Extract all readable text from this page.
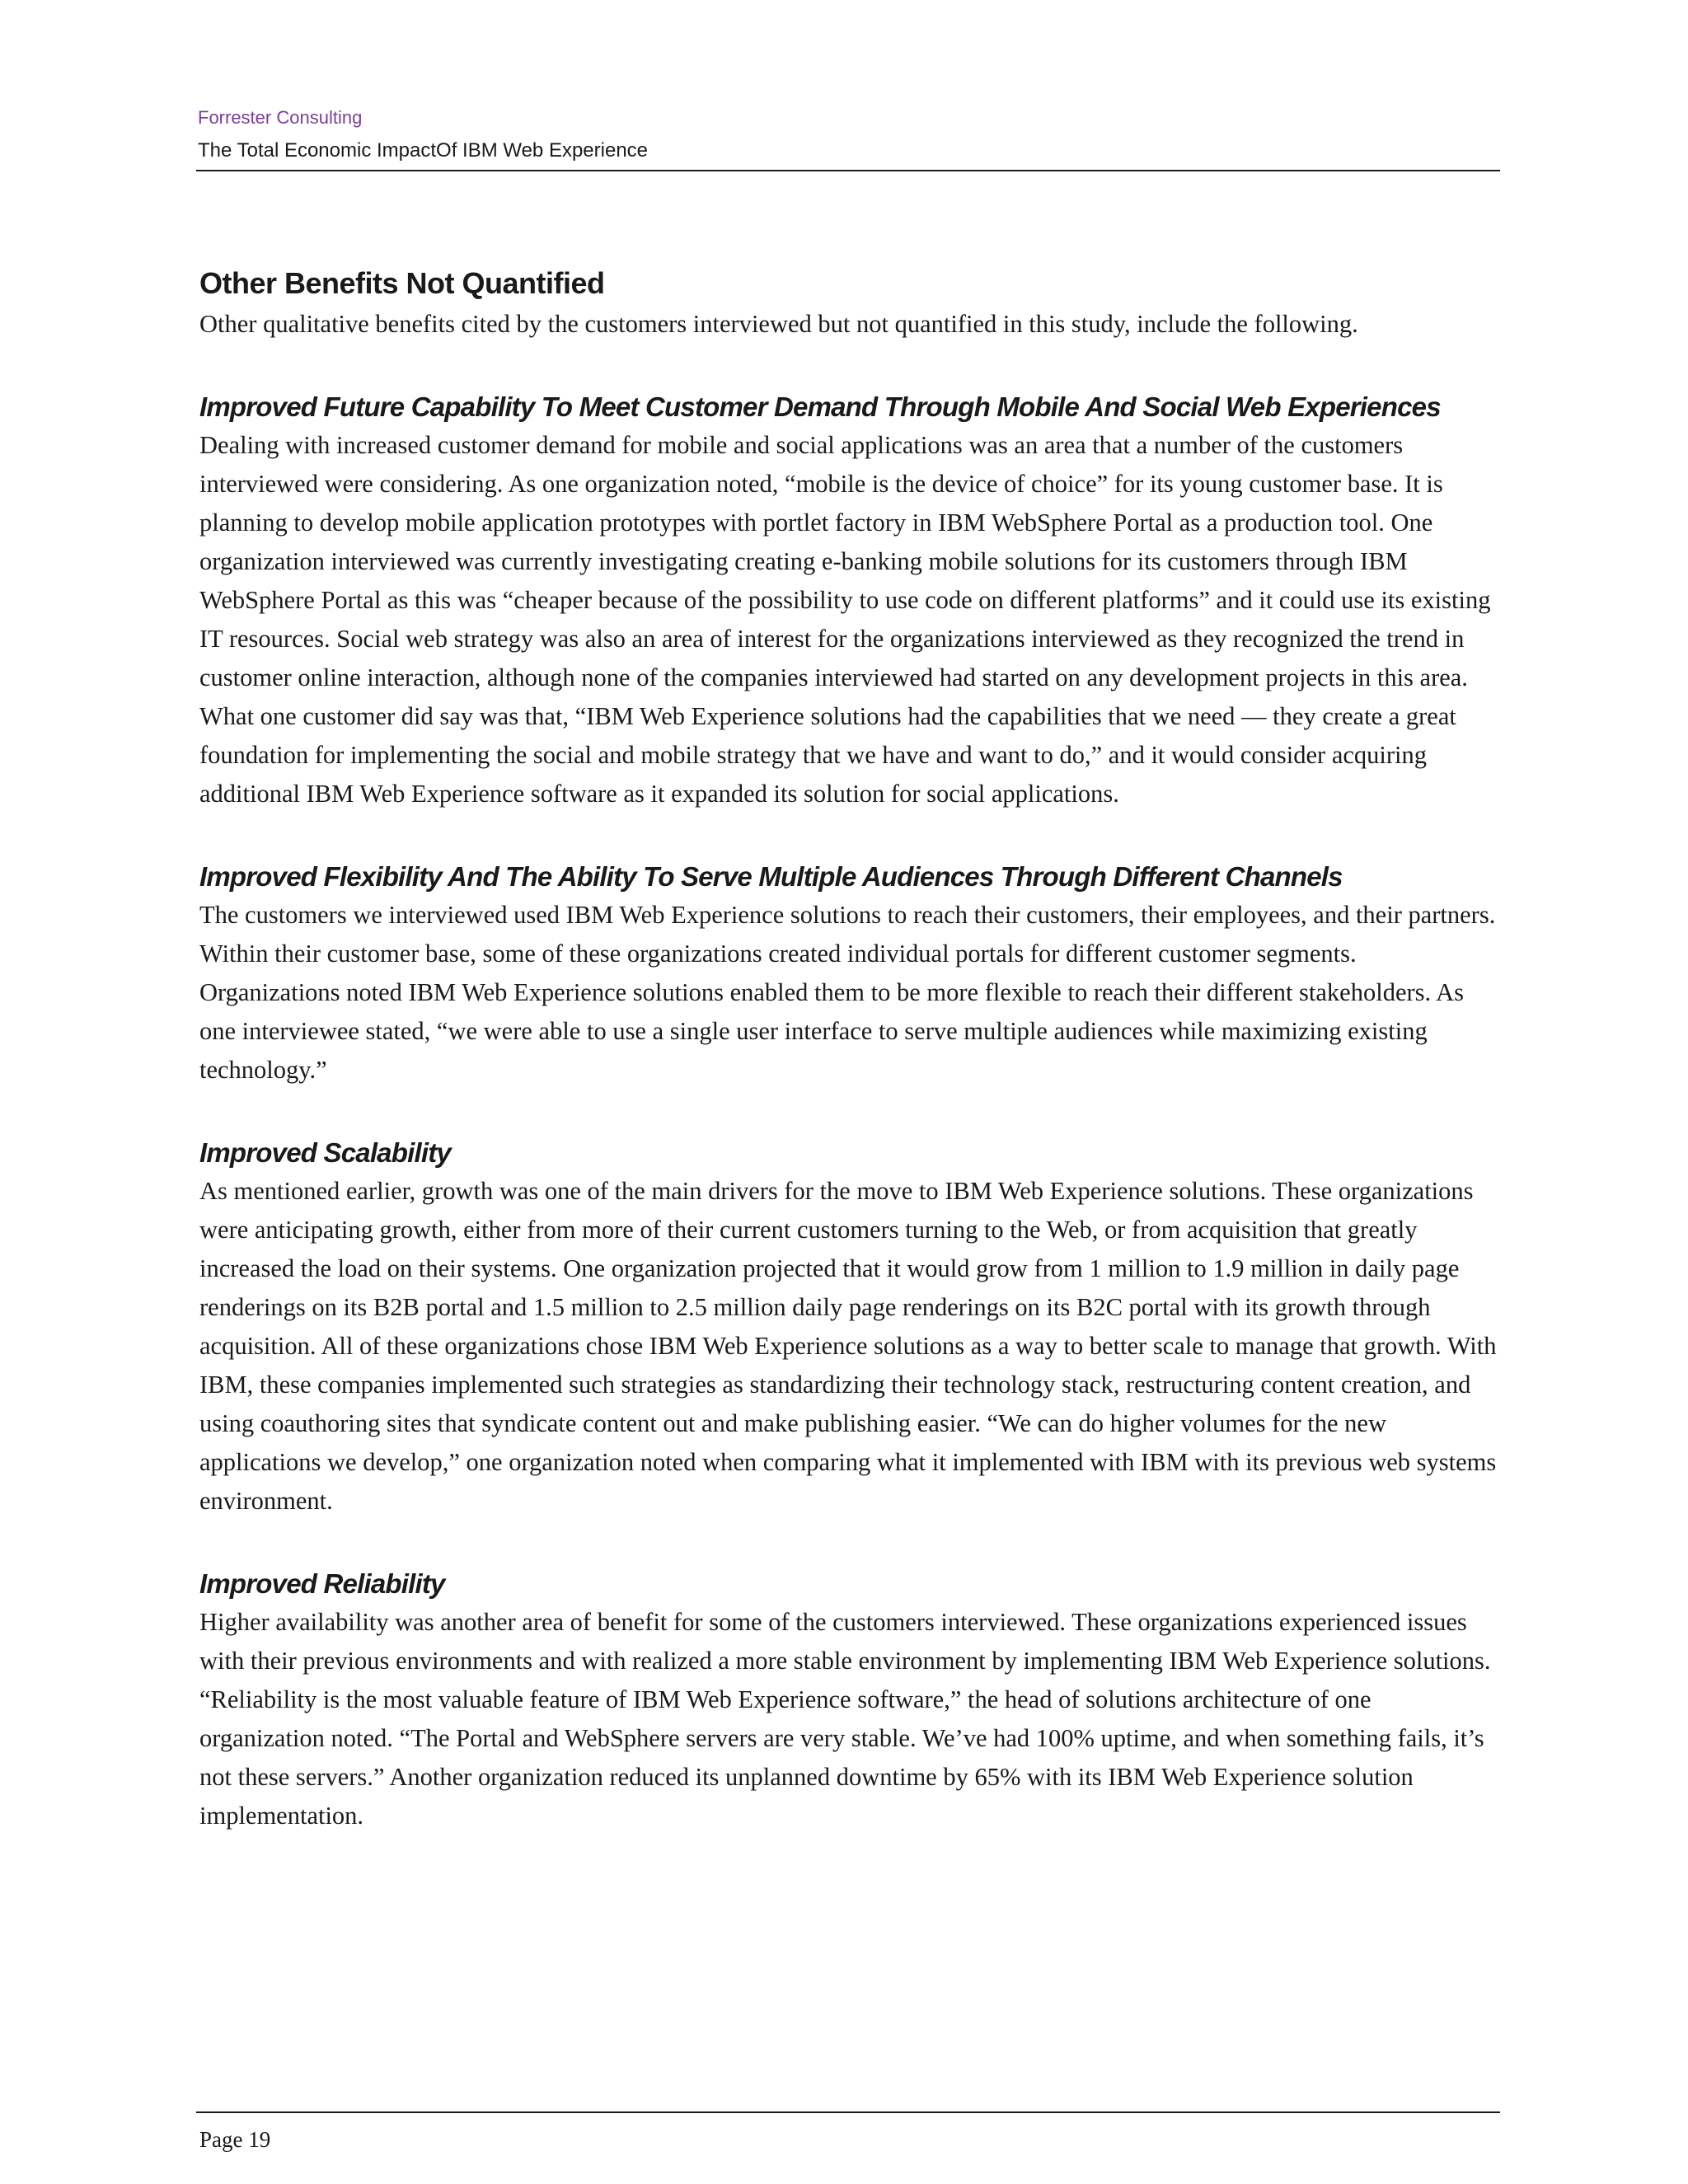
Forrester Consulting
The Total Economic ImpactOf IBM Web Experience
Other Benefits Not Quantified

Other qualitative benefits cited by the customers interviewed but not quantified in this study, include the following.

Improved Future Capability To Meet Customer Demand Through Mobile And Social Web Experiences

Dealing with increased customer demand for mobile and social applications was an area that a number of the customers interviewed were considering. As one organization noted, “mobile is the device of choice” for its young customer base. It is planning to develop mobile application prototypes with portlet factory in IBM WebSphere Portal as a production tool. One organization interviewed was currently investigating creating e-banking mobile solutions for its customers through IBM WebSphere Portal as this was “cheaper because of the possibility to use code on different platforms” and it could use its existing IT resources. Social web strategy was also an area of interest for the organizations interviewed as they recognized the trend in customer online interaction, although none of the companies interviewed had started on any development projects in this area. What one customer did say was that, “IBM Web Experience solutions had the capabilities that we need — they create a great foundation for implementing the social and mobile strategy that we have and want to do,” and it would consider acquiring additional IBM Web Experience software as it expanded its solution for social applications.

Improved Flexibility And The Ability To Serve Multiple Audiences Through Different Channels

The customers we interviewed used IBM Web Experience solutions to reach their customers, their employees, and their partners. Within their customer base, some of these organizations created individual portals for different customer segments. Organizations noted IBM Web Experience solutions enabled them to be more flexible to reach their different stakeholders. As one interviewee stated, “we were able to use a single user interface to serve multiple audiences while maximizing existing technology.”

Improved Scalability

As mentioned earlier, growth was one of the main drivers for the move to IBM Web Experience solutions. These organizations were anticipating growth, either from more of their current customers turning to the Web, or from acquisition that greatly increased the load on their systems. One organization projected that it would grow from 1 million to 1.9 million in daily page renderings on its B2B portal and 1.5 million to 2.5 million daily page renderings on its B2C portal with its growth through acquisition. All of these organizations chose IBM Web Experience solutions as a way to better scale to manage that growth. With IBM, these companies implemented such strategies as standardizing their technology stack, restructuring content creation, and using coauthoring sites that syndicate content out and make publishing easier. “We can do higher volumes for the new applications we develop,” one organization noted when comparing what it implemented with IBM with its previous web systems environment.

Improved Reliability

Higher availability was another area of benefit for some of the customers interviewed. These organizations experienced issues with their previous environments and with realized a more stable environment by implementing IBM Web Experience solutions. “Reliability is the most valuable feature of IBM Web Experience software,” the head of solutions architecture of one organization noted. “The Portal and WebSphere servers are very stable. We’ve had 100% uptime, and when something fails, it’s not these servers.” Another organization reduced its unplanned downtime by 65% with its IBM Web Experience solution implementation.

Page 19
